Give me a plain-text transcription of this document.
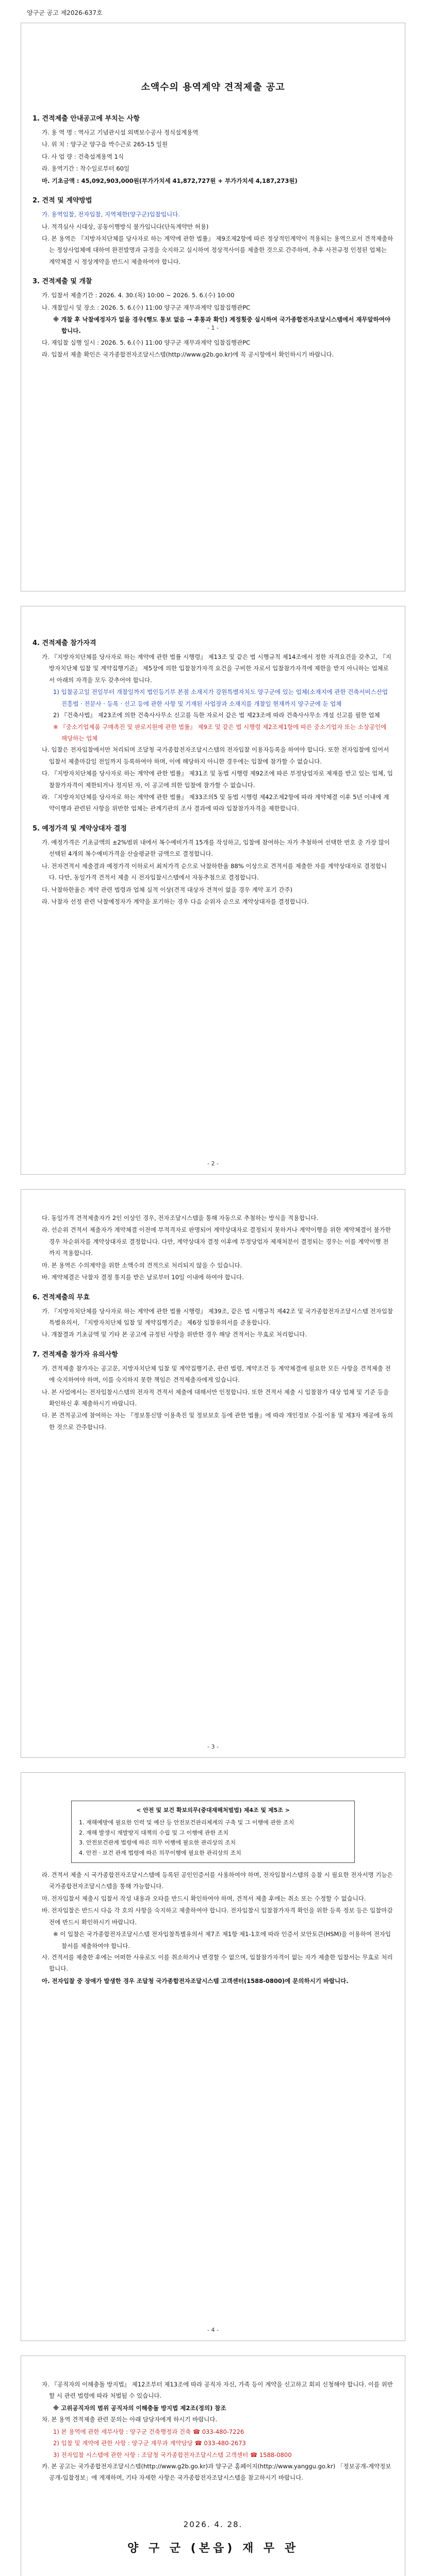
양구군 공고 제2026-637호
소액수의 용역계약 견적제출 공고
1. 견적제출 안내공고에 부치는 사항
가. 용 역 명 : 역사고 기념관시설 외벽보수공사 정식설계용역
나. 위 치 : 양구군 양구읍 박수근로 265-15 일원
다. 사 업 량 : 건축설계용역 1식
라. 용역기간 : 착수일로부터 60일
마. 기초금액 : 45,092,903,000원(부가가치세 41,872,727원 + 부가가치세 4,187,273원)
2. 견적 및 계약방법
가. 용역입찰, 전자입찰, 지역제한(양구군)입찰입니다.
나. 적격심사 시대상, 공동이행방식 불가입니다(단독계약만 허용)
다. 본 용역은 『지방자치단체를 당사자로 하는 계약에 관한 법률』 제9조제2항에 따른 정상적인계약이 적용되는 용역으로서 견적제출하는 정상사업체에 대하여 완전발명과 규정을 숙지하고 실시하여 정상적사이를 제출한 것으로 간주하며, 추후 사전규정 인정된 업체는 계약체결 시 정상계약을 반드시 제출하여야 합니다.
3. 견적제출 및 개찰
가. 입찰서 제출기간 : 2026. 4. 30.(목) 10:00 ~ 2026. 5. 6.(수) 10:00
나. 개찰일시 및 장소 : 2026. 5. 6.(수) 11:00 양구군 재무과계약 입찰집행관PC
※ 개찰 후 낙찰예정자가 없을 경우(행도 통보 없음 → 후통과 확인) 계정횟중 실시하여 국가종합전자조달시스템에서 재무알하여야 합니다.
다. 재입찰 실행 일시 : 2026. 5. 6.(수) 11:00 양구군 재무과계약 입찰집행관PC
라. 입찰서 제출 확인은 국가종합전자조달시스템(http://www.g2b.go.kr)에 꼭 공시항에서 확인하시기 바랍니다.
- 1 -
4. 견적제출 참가자격
가. 『지방자치단체를 당사자로 하는 계약에 관한 법률 시행령』 제13조 및 같은 법 시행규칙 제14조에서 정한 자격요건을 갖추고, 『지방자치단체 입찰 및 계약집행기준』 제5장에 의한 입찰참가자격 요건을 구비한 자로서 입찰참가자격에 제한을 받지 아니하는 업체로서 아래의 자격을 모두 갖추어야 합니다.
1) 입찰공고일 전일부터 개찰일까지 법인등기부 본점 소재지가 강원특별자치도 양구군에 있는 업체(소재지에 관한 건축서비스산업 진흥법 · 전문사 · 등록 · 신고 등에 관한 사항 및 기재된 사업장과 소재지를 개찰일 현재까지 양구군에 둔 업체
2) 『건축사법』 제23조에 의한 건축사사무소 신고를 득한 자로서 같은 법 제23조에 따라 건축사사무소 개설 신고를 필한 업체
※ 『중소기업제품 구매촉진 및 판로지원에 관한 법률』 제9조 및 같은 법 시행령 제2조제1항에 따른 중소기업자 또는 소상공인에 해당하는 업체
나. 입찰은 전자입찰에서만 처리되며 조달청 국가종합전자조달시스템의 전자입찰 이용자등록을 하여야 합니다. 또한 전자입찰에 있어서 입찰서 제출마감일 전일까지 등록하여야 하며, 이에 해당하지 아니한 경우에는 입찰에 참가할 수 없습니다.
다. 『지방자치단체를 당사자로 하는 계약에 관한 법률』 제31조 및 동법 시행령 제92조에 따른 부정당업자로 제재를 받고 있는 업체, 입찰참가자격이 제한되거나 정지된 자, 이 공고에 의한 입찰에 참가할 수 없습니다.
라. 『지방자치단체를 당사자로 하는 계약에 관한 법률』 제33조의5 및 동법 시행령 제42조제2항에 따라 계약체결 이후 5년 이내에 계약이행과 관련된 사항을 위반한 업체는 관계기관의 조사 결과에 따라 입찰참가자격을 제한합니다.
5. 예정가격 및 계약상대자 결정
가. 예정가격은 기초금액의 ±2%범위 내에서 복수예비가격 15개를 작성하고, 입찰에 참여하는 자가 추첨하여 선택한 번호 중 가장 많이 선택된 4개의 복수예비가격을 산술평균한 금액으로 결정합니다.
나. 전자견적서 제출결과 예정가격 이하로서 최저가격 순으로 낙찰하한율 88% 이상으로 견적서를 제출한 자를 계약상대자로 결정합니다. 다만, 동일가격 견적서 제출 시 전자입찰시스템에서 자동추첨으로 결정합니다.
다. 낙찰하한율은 계약 관련 법령과 업체 실적 이상(견적 대상자 견적이 없을 경우 계약 포기 간주)
라. 낙찰자 선정 관련 낙찰예정자가 계약을 포기하는 경우 다음 순위자 순으로 계약상대자를 결정합니다.
- 2 -
다. 동일가격 견적제출자가 2인 이상인 경우, 전자조달시스템을 통해 자동으로 추첨하는 방식을 적용합니다.
라. 선순위 견적서 제출자가 계약체결 이전에 부적격자로 판명되어 계약상대자로 결정되지 못하거나 계약이행을 위한 계약체결이 불가한 경우 차순위자를 계약상대자로 결정합니다. 다만, 계약상대자 결정 이후에 부정당업자 제재처분이 결정되는 경우는 이를 계약이행 전까지 적용합니다.
마. 본 용역은 수의계약을 위한 소액수의 견적으로 처리되지 않을 수 있습니다.
바. 계약체결은 낙찰자 결정 통지를 받은 날로부터 10일 이내에 하여야 합니다.
6. 견적제출의 무효
가. 『지방자치단체를 당사자로 하는 계약에 관한 법률 시행령』 제39조, 같은 법 시행규칙 제42조 및 국가종합전자조달시스템 전자입찰특별유의서, 『지방자치단체 입찰 및 계약집행기준』 제6장 입찰유의서를 준용합니다.
나. 개찰결과 기초금액 및 기타 본 공고에 규정된 사항을 위반한 경우 해당 견적서는 무효로 처리합니다.
7. 견적제출 참가자 유의사항
가. 견적제출 참가자는 공고문, 지방자치단체 입찰 및 계약집행기준, 관련 법령, 계약조건 등 계약체결에 필요한 모든 사항을 견적제출 전에 숙지하여야 하며, 이를 숙지하지 못한 책임은 견적제출자에게 있습니다.
나. 본 사업에서는 전자입찰시스템의 전자적 견적서 제출에 대해서만 인정합니다. 또한 견적서 제출 시 입찰참가 대상 업체 및 기준 등을 확인하신 후 제출하시기 바랍니다.
다. 본 견적공고에 참여하는 자는 『정보통신망 이용촉진 및 정보보호 등에 관한 법률』에 따라 개인정보 수집·이용 및 제3자 제공에 동의한 것으로 간주합니다.
- 3 -
< 안전 및 보건 확보의무(중대재해처벌법) 제4조 및 제5조 >
1. 재해예방에 필요한 인력 및 예산 등 안전보건관리체계의 구축 및 그 이행에 관한 조치
2. 재해 발생시 재발방지 대책의 수립 및 그 이행에 관한 조치
3. 안전보건관계 법령에 따른 의무 이행에 필요한 관리상의 조치
4. 안전 · 보건 관계 법령에 따른 의무이행에 필요한 관리상의 조치
라. 견적서 제출 시 국가종합전자조달시스템에 등록된 공인인증서를 사용하여야 하며, 전자입찰시스템의 응찰 시 필요한 전자서명 기능은 국가종합전자조달시스템을 통해 가능합니다.
마. 전자입찰서 제출시 입찰서 작성 내용과 오타를 반드시 확인하여야 하며, 견적서 제출 후에는 취소 또는 수정할 수 없습니다.
바. 전자입찰은 반드시 다음 각 호의 사항을 숙지하고 제출하여야 합니다. 전자입찰시 입찰참가자격 확인을 위한 등록 정보 등은 입찰마감 전에 반드시 확인하시기 바랍니다.
※ 이 입찰은 국가종합전자조달시스템 전자입찰특별유의서 제7조 제1항 제1-1호에 따라 인증서 보안토큰(HSM)을 이용하여 전자입찰서를 제출하여야 합니다.
사. 견적서를 제출한 후에는 어떠한 사유로도 이를 취소하거나 변경할 수 없으며, 입찰참가자격이 없는 자가 제출한 입찰서는 무효로 처리합니다.
아. 전자입찰 중 장애가 발생한 경우 조달청 국가종합전자조달시스템 고객센터(1588-0800)에 문의하시기 바랍니다.
- 4 -
자. 『공직자의 이해충돌 방지법』 제12조부터 제13조에 따라 공직자 자신, 가족 등이 계약을 신고하고 회피 신청해야 합니다. 이를 위반할 시 관련 법령에 따라 처벌될 수 있습니다.
※ 고위공직자의 범위 공직자의 이해충돌 방지법 제2조(정의) 참조
차. 본 용역 견적제출 관련 문의는 아래 담당자에게 하시기 바랍니다.
1) 본 용역에 관한 세부사항 : 양구군 건축행정과 건축 ☎ 033-480-7226
2) 입찰 및 계약에 관한 사항 : 양구군 재무과 계약담당 ☎ 033-480-2673
3) 전자입찰 시스템에 관한 사항 : 조달청 국가종합전자조달시스템 고객센터 ☎ 1588-0800
카. 본 공고는 국가종합전자조달시스템(http://www.g2b.go.kr)과 양구군 홈페이지(http://www.yanggu.go.kr) 「정보공개-계약정보공개-입찰정보」에 게재하며, 기타 자세한 사항은 국가종합전자조달시스템을 참고하시기 바랍니다.
2026. 4. 28.
양 구 군 (본읍) 재 무 관
